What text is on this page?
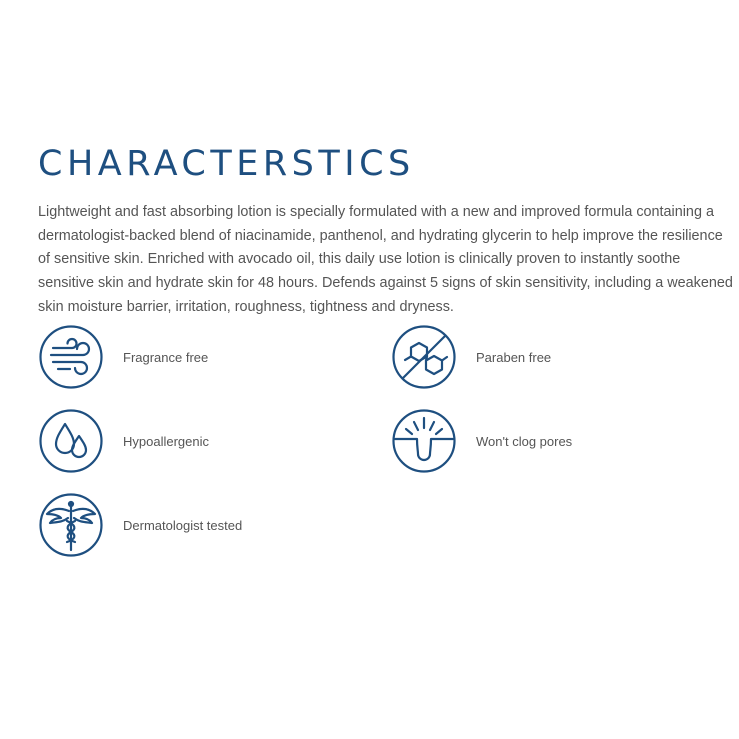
CHARACTERSTICS

Lightweight and fast absorbing lotion is specially formulated with a new and improved formula containing a dermatologist-backed blend of niacinamide, panthenol, and hydrating glycerin to help improve the resilience of sensitive skin. Enriched with avocado oil, this daily use lotion is clinically proven to instantly soothe sensitive skin and hydrate skin for 48 hours. Defends against 5 signs of skin sensitivity, including a weakened skin moisture barrier, irritation, roughness, tightness and dryness.

Fragrance free	Paraben free
Hypoallergenic	Won't clog pores
Dermatologist tested
